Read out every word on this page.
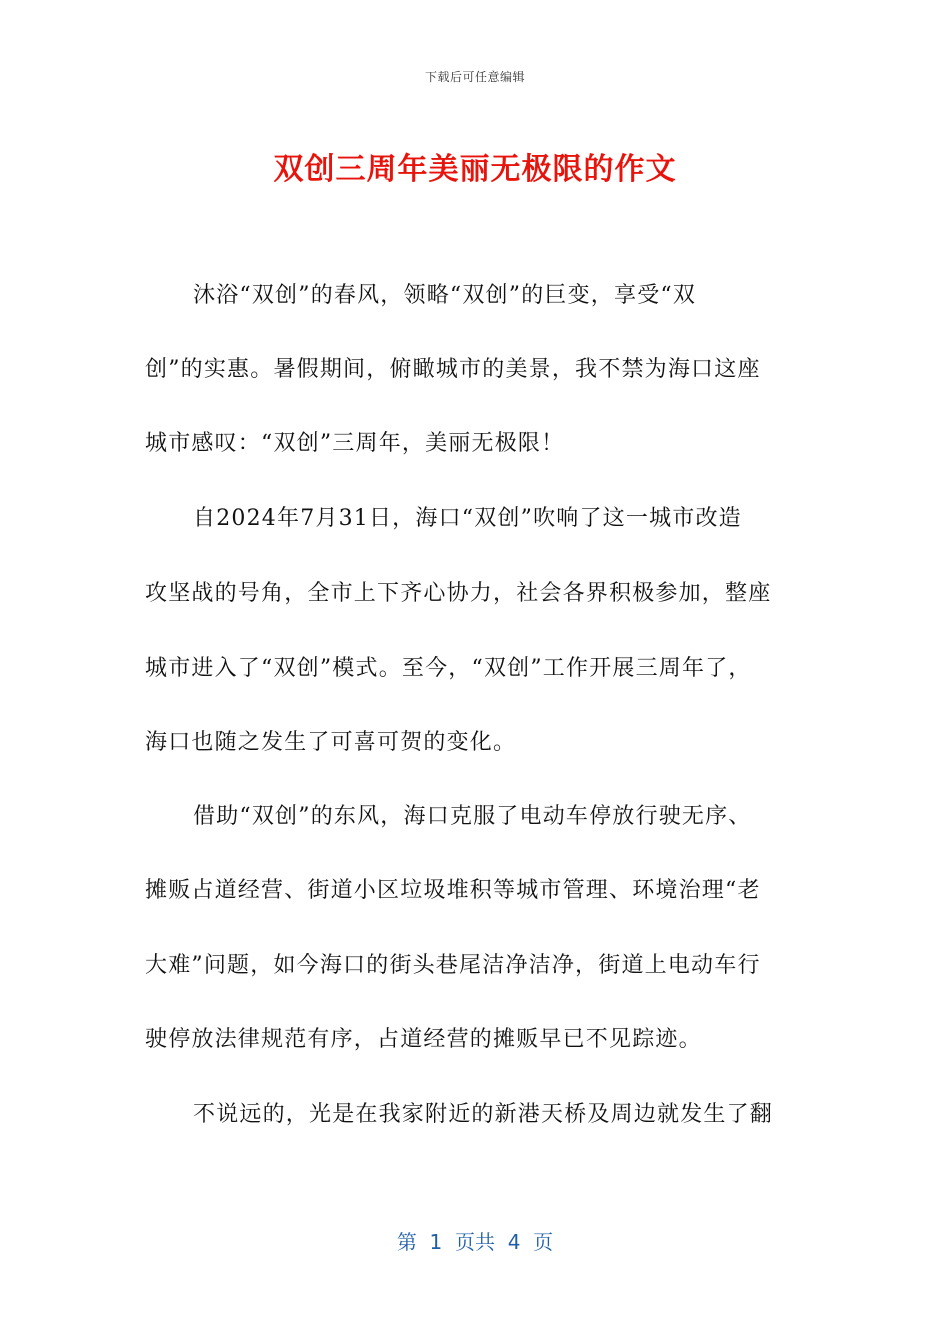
下载后可任意编辑
双创三周年美丽无极限的作文
沐浴“双创”的春风，领略“双创”的巨变，享受“双
创”的实惠。暑假期间，俯瞰城市的美景，我不禁为海口这座
城市感叹：“双创”三周年，美丽无极限！
自2024年7月31日，海口“双创”吹响了这一城市改造
攻坚战的号角，全市上下齐心协力，社会各界积极参加，整座
城市进入了“双创”模式。至今，“双创”工作开展三周年了，
海口也随之发生了可喜可贺的变化。
借助“双创”的东风，海口克服了电动车停放行驶无序、
摊贩占道经营、街道小区垃圾堆积等城市管理、环境治理“老
大难”问题，如今海口的街头巷尾洁净洁净，街道上电动车行
驶停放法律规范有序，占道经营的摊贩早已不见踪迹。
不说远的，光是在我家附近的新港天桥及周边就发生了翻
第  1  页共  4  页
